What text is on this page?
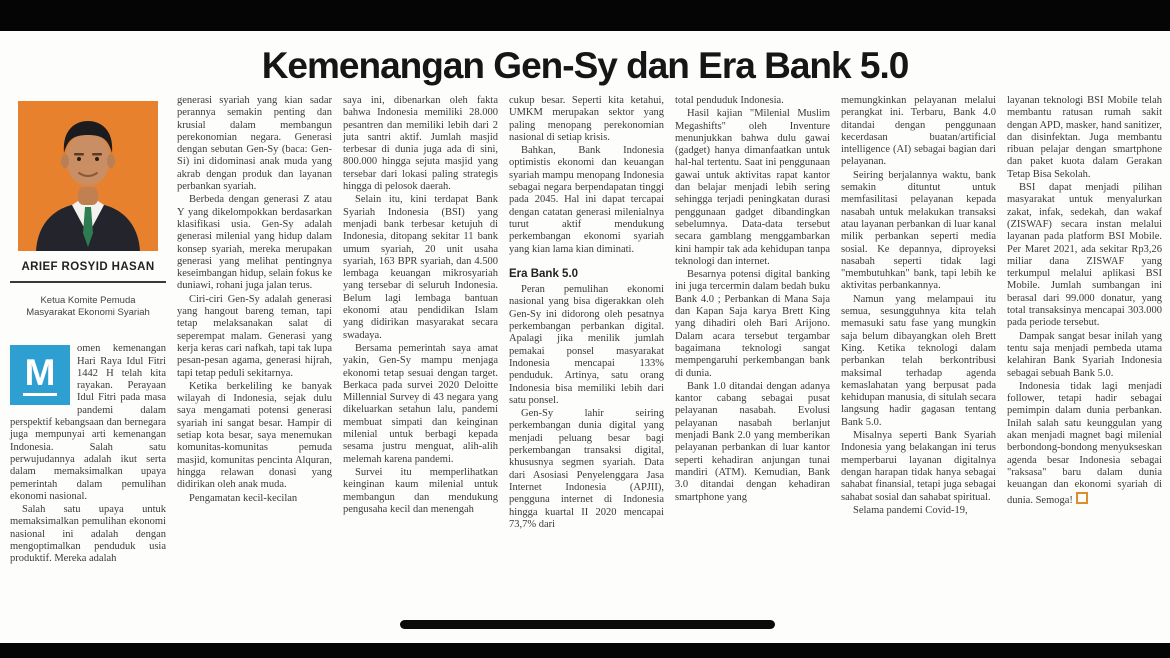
Kemenangan Gen-Sy dan Era Bank 5.0
ARIEF ROSYID HASAN
Ketua Komite Pemuda Masyarakat Ekonomi Syariah

M
omen kemenangan Hari Raya Idul Fitri 1442 H telah kita rayakan. Perayaan Idul Fitri pada masa pandemi dalam perspektif kebangsaan dan bernegara juga mempunyai arti kemenangan Indonesia. Salah satu perwujudannya adalah ikut serta dalam memaksimalkan upaya pemerintah dalam pemulihan ekonomi nasional.

Salah satu upaya untuk memaksimalkan pemulihan ekonomi nasional ini adalah dengan mengoptimalkan penduduk usia produktif. Mereka adalah

generasi syariah yang kian sadar perannya semakin penting dan krusial dalam membangun perekonomian negara. Generasi dengan sebutan Gen-Sy (baca: Gen-Si) ini didominasi anak muda yang akrab dengan produk dan layanan perbankan syariah.

Berbeda dengan generasi Z atau Y yang dikelompokkan berdasarkan klasifikasi usia. Gen-Sy adalah generasi milenial yang hidup dalam konsep syariah, mereka merupakan generasi yang melihat pentingnya keseimbangan hidup, selain fokus ke duniawi, rohani juga jalan terus.

Ciri-ciri Gen-Sy adalah generasi yang hangout bareng teman, tapi tetap melaksanakan salat di seperempat malam. Generasi yang kerja keras cari nafkah, tapi tak lupa pesan-pesan agama, generasi hijrah, tapi tetap peduli sekitarnya.

Ketika berkeliling ke banyak wilayah di Indonesia, sejak dulu saya mengamati potensi generasi syariah ini sangat besar. Hampir di setiap kota besar, saya menemukan komunitas-komunitas pemuda masjid, komunitas pencinta Alquran, hingga relawan donasi yang didirikan oleh anak muda.

Pengamatan kecil-kecilan

saya ini, dibenarkan oleh fakta bahwa Indonesia memiliki 28.000 pesantren dan memiliki lebih dari 2 juta santri aktif. Jumlah masjid terbesar di dunia juga ada di sini, 800.000 hingga sejuta masjid yang tersebar dari lokasi paling strategis hingga di pelosok daerah.

Selain itu, kini terdapat Bank Syariah Indonesia (BSI) yang menjadi bank terbesar ketujuh di Indonesia, ditopang sekitar 11 bank umum syariah, 20 unit usaha syariah, 163 BPR syariah, dan 4.500 lembaga keuangan mikrosyariah yang tersebar di seluruh Indonesia. Belum lagi lembaga bantuan ekonomi atau pendidikan Islam yang didirikan masyarakat secara swadaya.

Bersama pemerintah saya amat yakin, Gen-Sy mampu menjaga ekonomi tetap sesuai dengan target. Berkaca pada survei 2020 Deloitte Millennial Survey di 43 negara yang dikeluarkan setahun lalu, pandemi membuat simpati dan keinginan milenial untuk berbagi kepada sesama justru menguat, alih-alih melemah karena pandemi.

Survei itu memperlihatkan keinginan kaum milenial untuk membangun dan mendukung pengusaha kecil dan menengah

cukup besar. Seperti kita ketahui, UMKM merupakan sektor yang paling menopang perekonomian nasional di setiap krisis.

Bahkan, Bank Indonesia optimistis ekonomi dan keuangan syariah mampu menopang Indonesia sebagai negara berpendapatan tinggi pada 2045. Hal ini dapat tercapai dengan catatan generasi milenialnya turut aktif mendukung perkembangan ekonomi syariah yang kian lama kian diminati.

Era Bank 5.0

Peran pemulihan ekonomi nasional yang bisa digerakkan oleh Gen-Sy ini didorong oleh pesatnya perkembangan perbankan digital. Apalagi jika menilik jumlah pemakai ponsel masyarakat Indonesia mencapai 133% penduduk. Artinya, satu orang Indonesia bisa memiliki lebih dari satu ponsel.

Gen-Sy lahir seiring perkembangan dunia digital yang menjadi peluang besar bagi perkembangan transaksi digital, khususnya segmen syariah. Data dari Asosiasi Penyelenggara Jasa Internet Indonesia (APJII), pengguna internet di Indonesia hingga kuartal II 2020 mencapai 73,7% dari

total penduduk Indonesia.

Hasil kajian "Milenial Muslim Megashifts" oleh Inventure menunjukkan bahwa dulu gawai (gadget) hanya dimanfaatkan untuk hal-hal tertentu. Saat ini penggunaan gawai untuk aktivitas rapat kantor dan belajar menjadi lebih sering sehingga terjadi peningkatan durasi penggunaan gadget dibandingkan sebelumnya. Data-data tersebut secara gamblang menggambarkan kini hampir tak ada kehidupan tanpa teknologi dan internet.

Besarnya potensi digital banking ini juga tercermin dalam bedah buku Bank 4.0 ; Perbankan di Mana Saja dan Kapan Saja karya Brett King yang dihadiri oleh Bari Arijono. Dalam acara tersebut tergambar bagaimana teknologi sangat mempengaruhi perkembangan bank di dunia.

Bank 1.0 ditandai dengan adanya kantor cabang sebagai pusat pelayanan nasabah. Evolusi pelayanan nasabah berlanjut menjadi Bank 2.0 yang memberikan pelayanan perbankan di luar kantor seperti kehadiran anjungan tunai mandiri (ATM). Kemudian, Bank 3.0 ditandai dengan kehadiran smartphone yang

memungkinkan pelayanan melalui perangkat ini. Terbaru, Bank 4.0 ditandai dengan penggunaan kecerdasan buatan/artificial intelligence (AI) sebagai bagian dari pelayanan.

Seiring berjalannya waktu, bank semakin dituntut untuk memfasilitasi pelayanan kepada nasabah untuk melakukan transaksi atau layanan perbankan di luar kanal milik perbankan seperti media sosial. Ke depannya, diproyeksi nasabah seperti tidak lagi "membutuhkan" bank, tapi lebih ke aktivitas perbankannya.

Namun yang melampaui itu semua, sesungguhnya kita telah memasuki satu fase yang mungkin saja belum dibayangkan oleh Brett King. Ketika teknologi dalam perbankan telah berkontribusi maksimal terhadap agenda kemaslahatan yang berpusat pada kehidupan manusia, di situlah secara langsung hadir gagasan tentang Bank 5.0.

Misalnya seperti Bank Syariah Indonesia yang belakangan ini terus memperbarui layanan digitalnya dengan harapan tidak hanya sebagai sahabat finansial, tetapi juga sebagai sahabat sosial dan sahabat spiritual.

Selama pandemi Covid-19,

layanan teknologi BSI Mobile telah membantu ratusan rumah sakit dengan APD, masker, hand sanitizer, dan disinfektan. Juga membantu ribuan pelajar dengan smartphone dan paket kuota dalam Gerakan Tetap Bisa Sekolah.

BSI dapat menjadi pilihan masyarakat untuk menyalurkan zakat, infak, sedekah, dan wakaf (ZISWAF) secara instan melalui layanan pada platform BSI Mobile. Per Maret 2021, ada sekitar Rp3,26 miliar dana ZISWAF yang terkumpul melalui aplikasi BSI Mobile. Jumlah sumbangan ini berasal dari 99.000 donatur, yang total transaksinya mencapai 303.000 pada periode tersebut.

Dampak sangat besar inilah yang tentu saja menjadi pembeda utama kelahiran Bank Syariah Indonesia sebagai sebuah Bank 5.0.

Indonesia tidak lagi menjadi follower, tetapi hadir sebagai pemimpin dalam dunia perbankan. Inilah salah satu keunggulan yang akan menjadi magnet bagi milenial berbondong-bondong menyukseskan agenda besar Indonesia sebagai "raksasa" baru dalam dunia keuangan dan ekonomi syariah di dunia. Semoga!
